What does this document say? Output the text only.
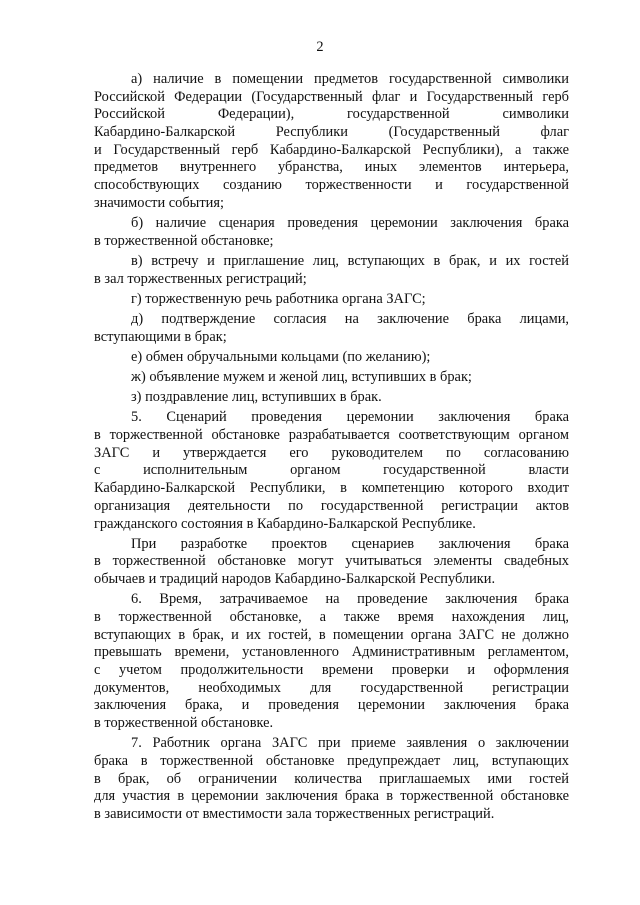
2
а) наличие в помещении предметов государственной символики
Российской Федерации (Государственный флаг и Государственный герб
Российской Федерации), государственной символики
Кабардино-Балкарской Республики (Государственный флаг
и Государственный герб Кабардино-Балкарской Республики), а также
предметов внутреннего убранства, иных элементов интерьера,
способствующих созданию торжественности и государственной
значимости события;
б) наличие сценария проведения церемонии заключения брака
в торжественной обстановке;
в) встречу и приглашение лиц, вступающих в брак, и их гостей
в зал торжественных регистраций;
г) торжественную речь работника органа ЗАГС;
д) подтверждение согласия на заключение брака лицами,
вступающими в брак;
е) обмен обручальными кольцами (по желанию);
ж) объявление мужем и женой лиц, вступивших в брак;
з) поздравление лиц, вступивших в брак.
5. Сценарий проведения церемонии заключения брака
в торжественной обстановке разрабатывается соответствующим органом
ЗАГС и утверждается его руководителем по согласованию
с исполнительным органом государственной власти
Кабардино-Балкарской Республики, в компетенцию которого входит
организация деятельности по государственной регистрации актов
гражданского состояния в Кабардино-Балкарской Республике.
При разработке проектов сценариев заключения брака
в торжественной обстановке могут учитываться элементы свадебных
обычаев и традиций народов Кабардино-Балкарской Республики.
6. Время, затрачиваемое на проведение заключения брака
в торжественной обстановке, а также время нахождения лиц,
вступающих в брак, и их гостей, в помещении органа ЗАГС не должно
превышать времени, установленного Административным регламентом,
с учетом продолжительности времени проверки и оформления
документов, необходимых для государственной регистрации
заключения брака, и проведения церемонии заключения брака
в торжественной обстановке.
7. Работник органа ЗАГС при приеме заявления о заключении
брака в торжественной обстановке предупреждает лиц, вступающих
в брак, об ограничении количества приглашаемых ими гостей
для участия в церемонии заключения брака в торжественной обстановке
в зависимости от вместимости зала торжественных регистраций.
